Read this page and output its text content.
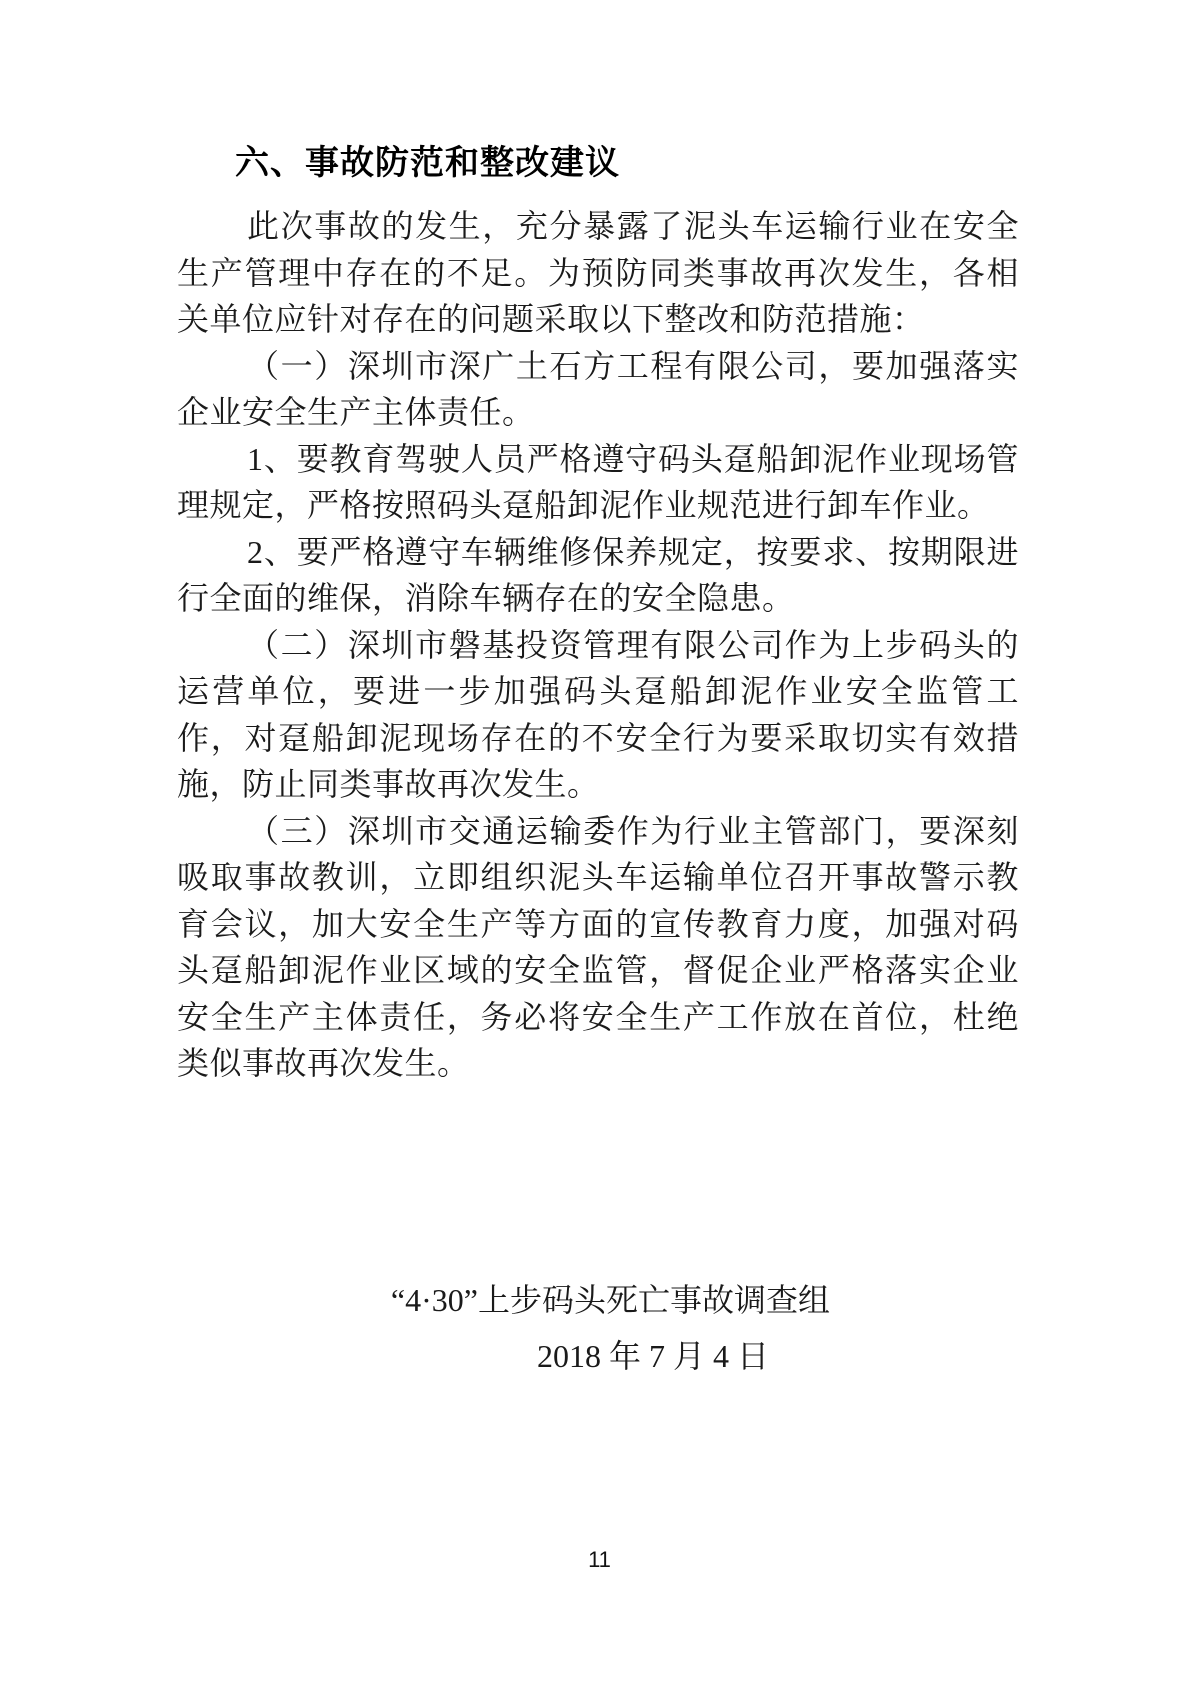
六、事故防范和整改建议

此次事故的发生，充分暴露了泥头车运输行业在安全生产管理中存在的不足。为预防同类事故再次发生，各相关单位应针对存在的问题采取以下整改和防范措施：

（一）深圳市深广土石方工程有限公司，要加强落实企业安全生产主体责任。

1、要教育驾驶人员严格遵守码头趸船卸泥作业现场管理规定，严格按照码头趸船卸泥作业规范进行卸车作业。

2、要严格遵守车辆维修保养规定，按要求、按期限进行全面的维保，消除车辆存在的安全隐患。

（二）深圳市磐基投资管理有限公司作为上步码头的运营单位，要进一步加强码头趸船卸泥作业安全监管工作，对趸船卸泥现场存在的不安全行为要采取切实有效措施，防止同类事故再次发生。

（三）深圳市交通运输委作为行业主管部门，要深刻吸取事故教训，立即组织泥头车运输单位召开事故警示教育会议，加大安全生产等方面的宣传教育力度，加强对码头趸船卸泥作业区域的安全监管，督促企业严格落实企业安全生产主体责任，务必将安全生产工作放在首位，杜绝类似事故再次发生。

“4·30”上步码头死亡事故调查组
2018 年 7 月 4 日
11
